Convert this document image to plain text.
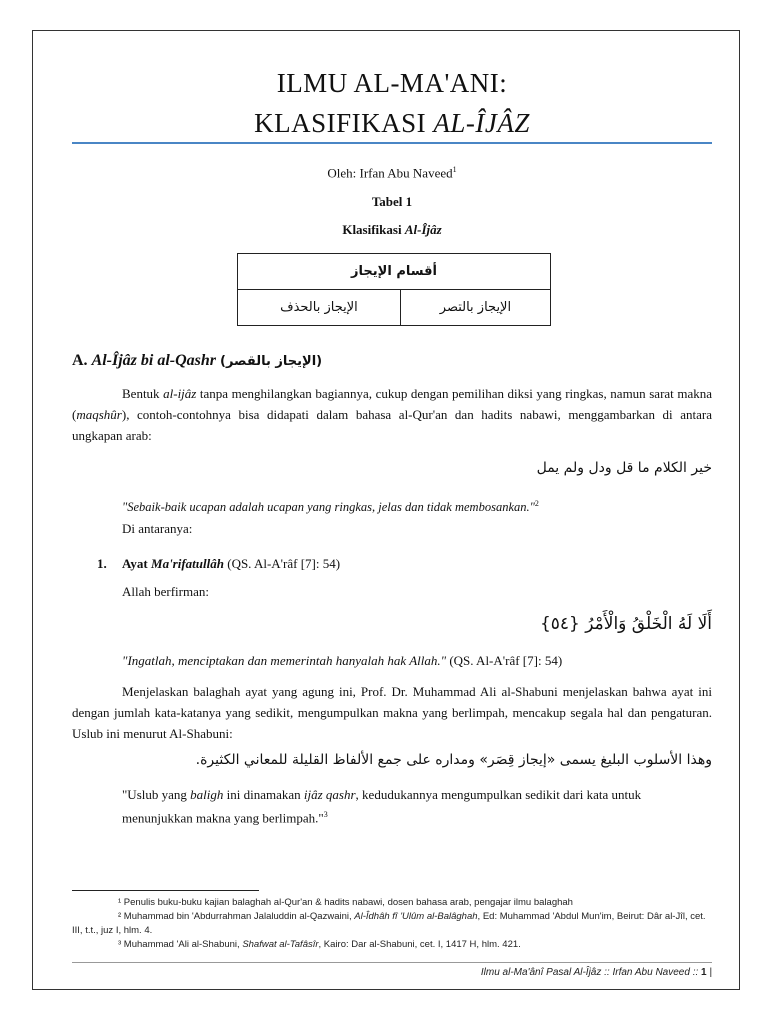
ILMU AL-MA'ANI:
KLASIFIKASI AL-ÎJÂZ
Oleh: Irfan Abu Naveed$^1$
Tabel 1
Klasifikasi Al-Îjâz
أقسام الإيجاز
الإيجاز بالحذف	الإيجاز بالتصر
A. Al-Îjâz bi al-Qashr (الإيجاز بالقصر)
Bentuk al-ijâz tanpa menghilangkan bagiannya, cukup dengan pemilihan diksi yang ringkas, namun sarat makna (maqshûr), contoh-contohnya bisa didapati dalam bahasa al-Qur'an dan hadits nabawi, menggambarkan di antara ungkapan arab:
خير الكلام ما قل ودل ولم يمل
"Sebaik-baik ucapan adalah ucapan yang ringkas, jelas dan tidak membosankan."$^2$
Di antaranya:
1. Ayat Ma'rifatullâh (QS. Al-A'râf [7]: 54)
Allah berfirman:
أَلَا لَهُ الْخَلْقُ وَالْأَمْرُ {٥٤}
"Ingatlah, menciptakan dan memerintah hanyalah hak Allah." (QS. Al-A'râf [7]: 54)
Menjelaskan balaghah ayat yang agung ini, Prof. Dr. Muhammad Ali al-Shabuni menjelaskan bahwa ayat ini dengan jumlah kata-katanya yang sedikit, mengumpulkan makna yang berlimpah, mencakup segala hal dan pengaturan. Uslub ini menurut Al-Shabuni:
وهذا الأسلوب البليغ يسمى «إيجاز قِصَر» ومداره على جمع الألفاظ القليلة للمعاني الكثيرة.
"Uslub yang baligh ini dinamakan ijâz qashr, kedudukannya mengumpulkan sedikit dari kata untuk menunjukkan makna yang berlimpah."$^3$

¹ Penulis buku-buku kajian balaghah al-Qur'an & hadits nabawi, dosen bahasa arab, pengajar ilmu balaghah

² Muhammad bin 'Abdurrahman Jalaluddin al-Qazwaini, Al-Îdhâh fî 'Ulûm al-Balâghah, Ed: Muhammad 'Abdul Mun'im, Beirut: Dâr al-Jîl, cet. III, t.t., juz I, hlm. 4.

³ Muhammad 'Ali al-Shabuni, Shafwat al-Tafâsîr, Kairo: Dar al-Shabuni, cet. I, 1417 H, hlm. 421.

Ilmu al-Ma'ânî Pasal Al-Îjâz :: Irfan Abu Naveed :: 1 |
